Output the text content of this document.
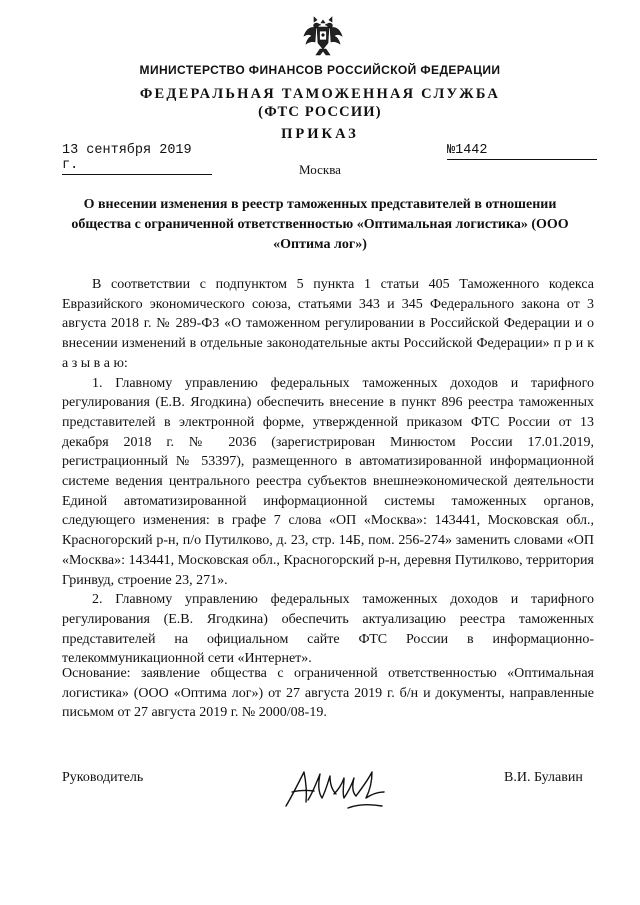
МИНИСТЕРСТВО ФИНАНСОВ РОССИЙСКОЙ ФЕДЕРАЦИИ
ФЕДЕРАЛЬНАЯ ТАМОЖЕННАЯ СЛУЖБА
(ФТС РОССИИ)
ПРИКАЗ
13 сентября 2019 г.
№1442
Москва
О внесении изменения в реестр таможенных представителей в отношении общества с ограниченной ответственностью «Оптимальная логистика» (ООО «Оптима лог»)

В соответствии с подпунктом 5 пункта 1 статьи 405 Таможенного кодекса Евразийского экономического союза, статьями 343 и 345 Федерального закона от 3 августа 2018 г. № 289-ФЗ «О таможенном регулировании в Российской Федерации и о внесении изменений в отдельные законодательные акты Российской Федерации» п р и к а з ы в а ю:

1. Главному управлению федеральных таможенных доходов и тарифного регулирования (Е.В. Ягодкина) обеспечить внесение в пункт 896 реестра таможенных представителей в электронной форме, утвержденной приказом ФТС России от 13 декабря 2018 г. № 2036 (зарегистрирован Минюстом России 17.01.2019, регистрационный № 53397), размещенного в автоматизированной информационной системе ведения центрального реестра субъектов внешнеэкономической деятельности Единой автоматизированной информационной системы таможенных органов, следующего изменения: в графе 7 слова «ОП «Москва»: 143441, Московская обл., Красногорский р-н, п/о Путилково, д. 23, стр. 14Б, пом. 256-274» заменить словами «ОП «Москва»: 143441, Московская обл., Красногорский р-н, деревня Путилково, территория Гринвуд, строение 23, 271».

2. Главному управлению федеральных таможенных доходов и тарифного регулирования (Е.В. Ягодкина) обеспечить актуализацию реестра таможенных представителей на официальном сайте ФТС России в информационно-телекоммуникационной сети «Интернет».

Основание: заявление общества с ограниченной ответственностью «Оптимальная логистика» (ООО «Оптима лог») от 27 августа 2019 г. б/н и документы, направленные письмом от 27 августа 2019 г. № 2000/08-19.

Руководитель	В.И. Булавин
